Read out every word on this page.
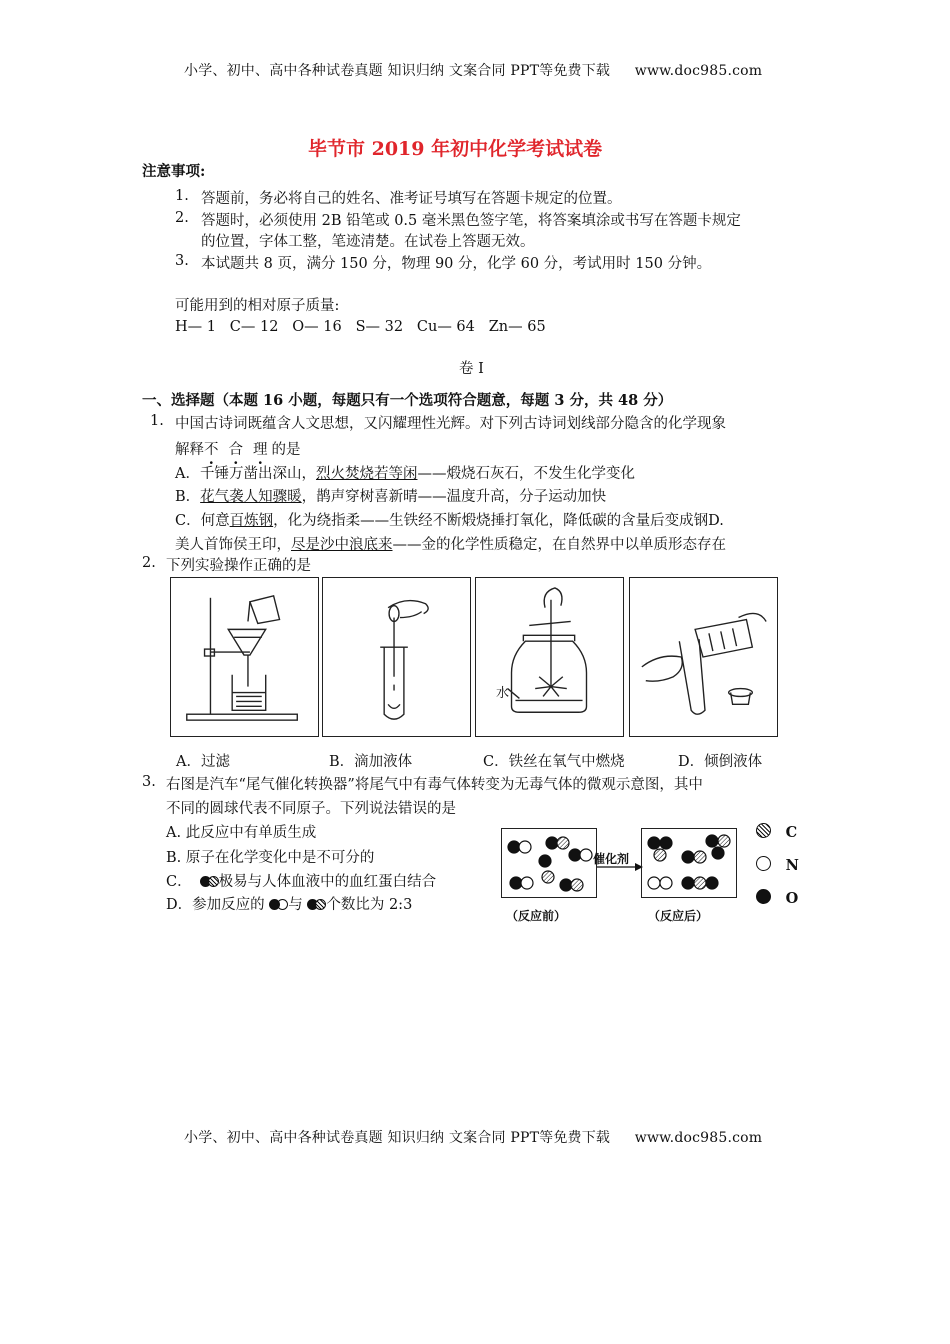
小学、初中、高中各种试卷真题 知识归纳 文案合同 PPT等免费下载 www.doc985.com
毕节市 2019 年初中化学考试试卷
注意事项:
1. 答题前，务必将自己的姓名、准考证号填写在答题卡规定的位置。
2. 答题时，必须使用 2B 铅笔或 0.5 毫米黑色签字笔，将答案填涂或书写在答题卡规定
的位置，字体工整，笔迹清楚。在试卷上答题无效。
3. 本试题共 8 页，满分 150 分，物理 90 分，化学 60 分，考试用时 150 分钟。
可能用到的相对原子质量:
H— 1   C— 12   O— 16   S— 32   Cu— 64   Zn— 65
卷 I
一、选择题（本题 16 小题，每题只有一个选项符合题意，每题 3 分，共 48 分）
1. 中国古诗词既蕴含人文思想，又闪耀理性光辉。对下列古诗词划线部分隐含的化学现象
解释不 合 理 的是
A．千锤万凿出深山，烈火焚烧若等闲——煅烧石灰石，不发生化学变化
B．花气袭人知骤暖，鹊声穿树喜新晴——温度升高，分子运动加快
C．何意百炼钢，化为绕指柔——生铁经不断煅烧捶打氧化，降低碳的含量后变成钢D.
美人首饰侯王印，尽是沙中浪底来——金的化学性质稳定，在自然界中以单质形态存在
2. 下列实验操作正确的是
水
A．过滤	B．滴加液体	C．铁丝在氧气中燃烧	D．倾倒液体
3. 右图是汽车“尾气催化转换器”将尾气中有毒气体转变为无毒气体的微观示意图，其中
不同的圆球代表不同原子。下列说法错误的是
A. 此反应中有单质生成
B. 原子在化学变化中是不可分的
C． 极易与人体血液中的血红蛋白结合
D．参加反应的 与 个数比为 2:3
催化剂
（反应前）	（反应后）
C
N
O
小学、初中、高中各种试卷真题 知识归纳 文案合同 PPT等免费下载 www.doc985.com
